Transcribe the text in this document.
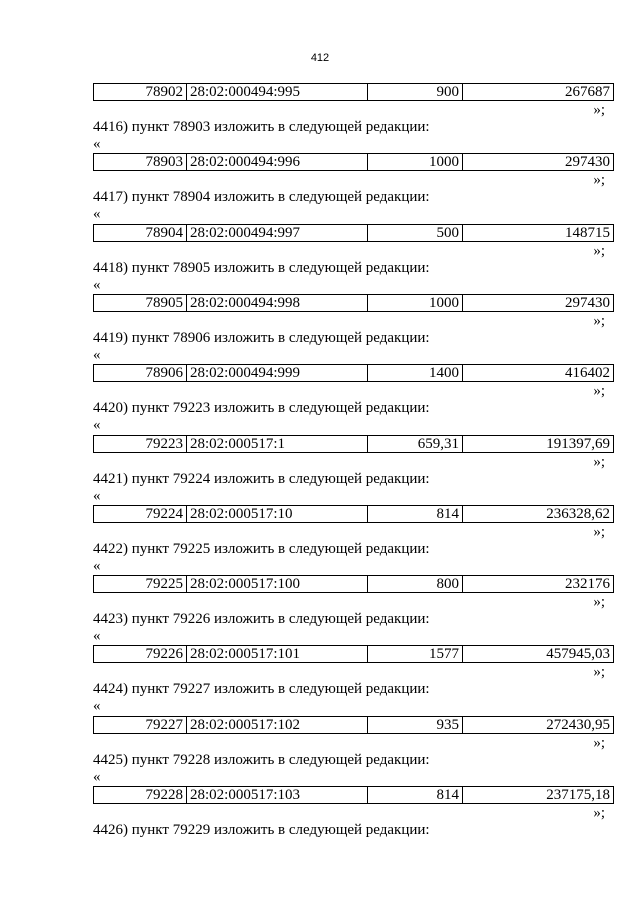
412
78902	28:02:000494:995	900	267687
»;
4416) пункт 78903 изложить в следующей редакции:
«
78903	28:02:000494:996	1000	297430
»;
4417) пункт 78904 изложить в следующей редакции:
«
78904	28:02:000494:997	500	148715
»;
4418) пункт 78905 изложить в следующей редакции:
«
78905	28:02:000494:998	1000	297430
»;
4419) пункт 78906 изложить в следующей редакции:
«
78906	28:02:000494:999	1400	416402
»;
4420) пункт 79223 изложить в следующей редакции:
«
79223	28:02:000517:1	659,31	191397,69
»;
4421) пункт 79224 изложить в следующей редакции:
«
79224	28:02:000517:10	814	236328,62
»;
4422) пункт 79225 изложить в следующей редакции:
«
79225	28:02:000517:100	800	232176
»;
4423) пункт 79226 изложить в следующей редакции:
«
79226	28:02:000517:101	1577	457945,03
»;
4424) пункт 79227 изложить в следующей редакции:
«
79227	28:02:000517:102	935	272430,95
»;
4425) пункт 79228 изложить в следующей редакции:
«
79228	28:02:000517:103	814	237175,18
»;
4426) пункт 79229 изложить в следующей редакции:
